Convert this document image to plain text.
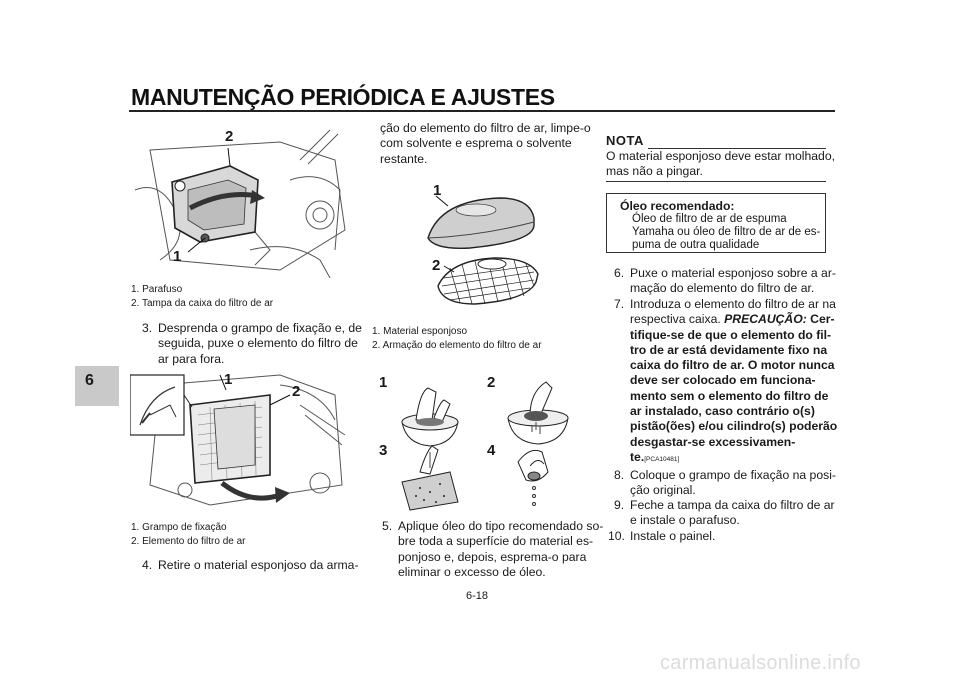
MANUTENÇÃO PERIÓDICA E AJUSTES
6
2
1
1. Parafuso
2. Tampa da caixa do filtro de ar
3. Desprenda o grampo de fixação e, de
seguida, puxe o elemento do filtro de
ar para fora.
1
2
1. Grampo de fixação
2. Elemento do filtro de ar
4. Retire o material esponjoso da arma-
ção do elemento do filtro de ar, limpe-o
com solvente e esprema o solvente
restante.
1
2
1. Material esponjoso
2. Armação do elemento do filtro de ar
1	2
3	4
5. Aplique óleo do tipo recomendado so-
bre toda a superfície do material es-
ponjoso e, depois, esprema-o para
eliminar o excesso de óleo.
NOTA
O material esponjoso deve estar molhado,
mas não a pingar.
Óleo recomendado:
Óleo de filtro de ar de espuma
Yamaha ou óleo de filtro de ar de es-
puma de outra qualidade
6. Puxe o material esponjoso sobre a ar-
mação do elemento do filtro de ar.
7. Introduza o elemento do filtro de ar na
respectiva caixa. PRECAUÇÃO: Cer-
tifique-se de que o elemento do fil-
tro de ar está devidamente fixo na
caixa do filtro de ar. O motor nunca
deve ser colocado em funciona-
mento sem o elemento do filtro de
ar instalado, caso contrário o(s)
pistão(ões) e/ou cilindro(s) poderão
desgastar-se excessivamen-
te.[PCA10481]
8. Coloque o grampo de fixação na posi-
ção original.
9. Feche a tampa da caixa do filtro de ar
e instale o parafuso.
10. Instale o painel.
6-18
carmanualsonline.info
